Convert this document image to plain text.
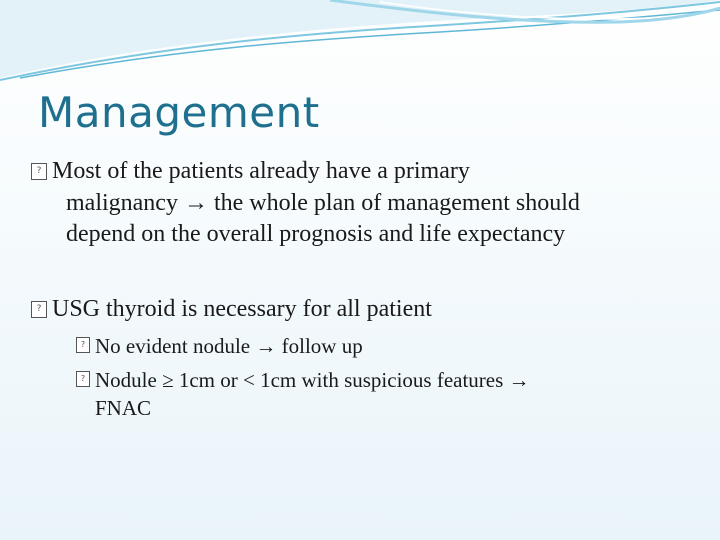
Management
? Most of the patients already have a primary
malignancy → the whole plan of management should
depend on the overall prognosis and life expectancy
? USG thyroid is necessary for all patient
? No evident nodule → follow up
? Nodule ≥ 1cm or < 1cm with suspicious features →
FNAC
